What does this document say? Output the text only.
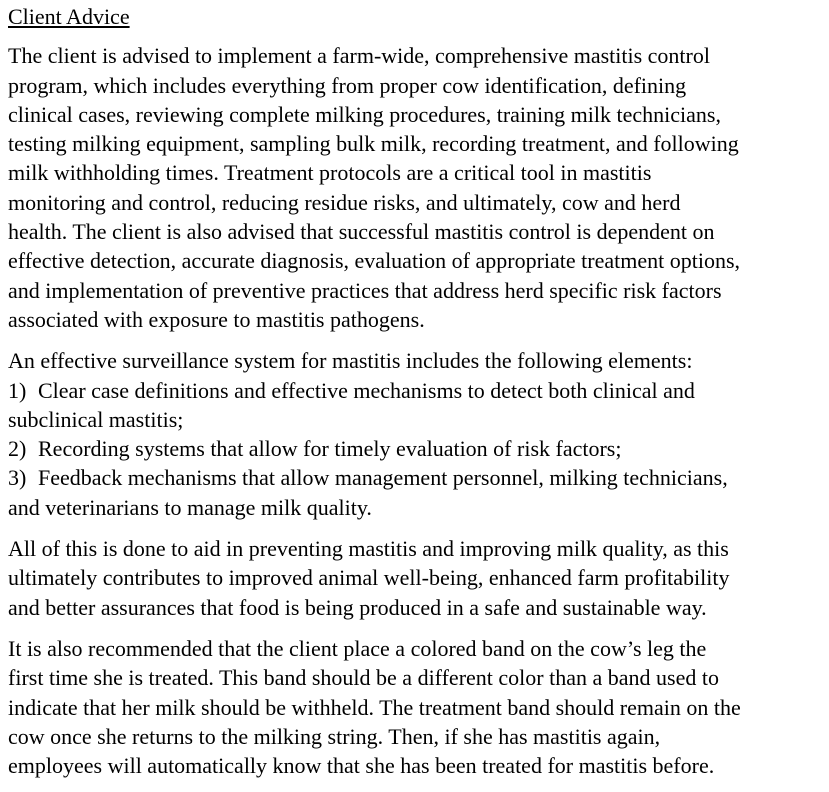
Client Advice
The client is advised to implement a farm-wide, comprehensive mastitis control
program, which includes everything from proper cow identification, defining
clinical cases, reviewing complete milking procedures, training milk technicians,
testing milking equipment, sampling bulk milk, recording treatment, and following
milk withholding times. Treatment protocols are a critical tool in mastitis
monitoring and control, reducing residue risks, and ultimately, cow and herd
health. The client is also advised that successful mastitis control is dependent on
effective detection, accurate diagnosis, evaluation of appropriate treatment options,
and implementation of preventive practices that address herd specific risk factors
associated with exposure to mastitis pathogens.
An effective surveillance system for mastitis includes the following elements:
1) Clear case definitions and effective mechanisms to detect both clinical and
subclinical mastitis;
2) Recording systems that allow for timely evaluation of risk factors;
3) Feedback mechanisms that allow management personnel, milking technicians,
and veterinarians to manage milk quality.
All of this is done to aid in preventing mastitis and improving milk quality, as this
ultimately contributes to improved animal well-being, enhanced farm profitability
and better assurances that food is being produced in a safe and sustainable way.
It is also recommended that the client place a colored band on the cow’s leg the
first time she is treated. This band should be a different color than a band used to
indicate that her milk should be withheld. The treatment band should remain on the
cow once she returns to the milking string. Then, if she has mastitis again,
employees will automatically know that she has been treated for mastitis before.
